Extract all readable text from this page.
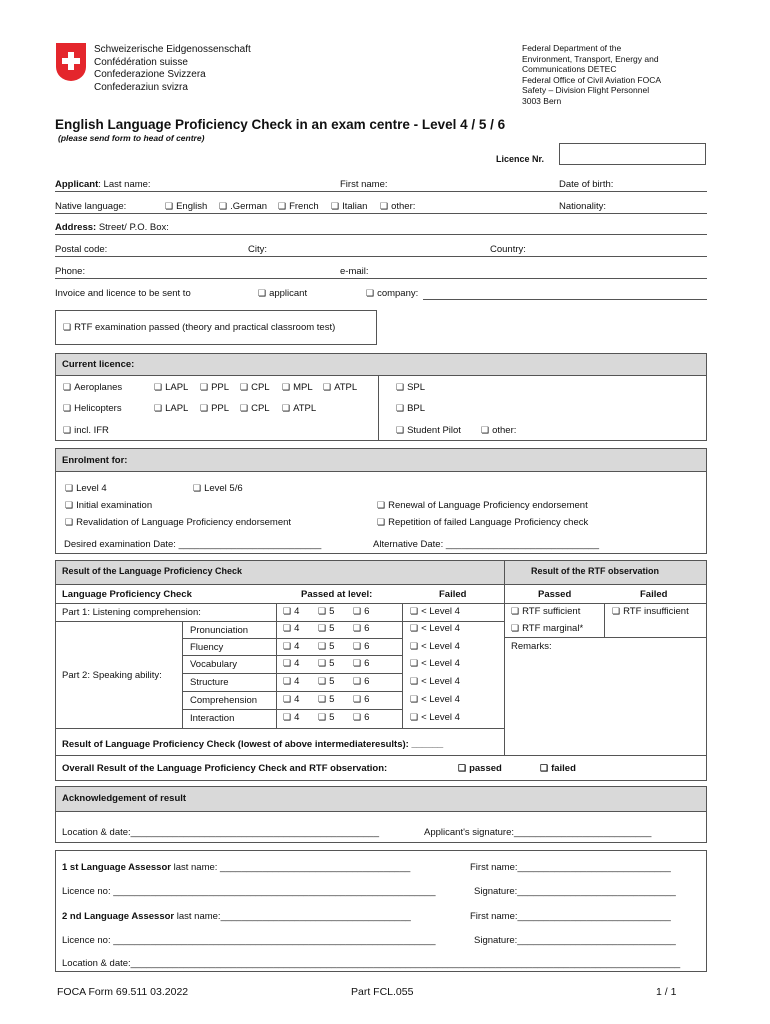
Schweizerische Eidgenossenschaft
Confédération suisse
Confederazione Svizzera
Confederaziun svizra
Federal Department of the
Environment, Transport, Energy and
Communications DETEC
Federal Office of Civil Aviation FOCA
Safety – Division Flight Personnel
3003 Bern
English Language Proficiency Check in an exam centre - Level 4 / 5 / 6
(please send form to head of centre)
Licence Nr.
Applicant: Last name:	First name:	Date of birth:
Native language:	❏ English	❏ .German	❏ French	❏ Italian	❏ other:	Nationality:
Address: Street/ P.O. Box:
Postal code:	City:	Country:
Phone:	e-mail:
Invoice and licence to be sent to	❏ applicant	❏ company:
❏ RTF examination passed (theory and practical classroom test)
Current licence:
❏ Aeroplanes	❏ LAPL	❏ PPL	❏ CPL	❏ MPL	❏ ATPL	❏ SPL
❏ Helicopters	❏ LAPL	❏ PPL	❏ CPL	❏ ATPL	❏ BPL
❏ incl. IFR	❏ Student Pilot	❏ other:
Enrolment for:
❏ Level 4	❏ Level 5/6
❏ Initial examination	❏ Renewal of Language Proficiency endorsement
❏ Revalidation of Language Proficiency endorsement	❏ Repetition of failed Language Proficiency check
Desired examination Date: ___________________________	Alternative Date: _____________________________
Result of the Language Proficiency Check	Result of the RTF observation
Language Proficiency Check	Passed at level:	Failed	Passed	Failed
Part 1: Listening comprehension:	❏ 4	❏ 5	❏ 6	❏ < Level 4	❏ RTF sufficient	❏ RTF insufficient
❏ RTF marginal*
Remarks:
Part 2: Speaking ability:
Pronunciation	❏ 4	❏ 5	❏ 6	❏ < Level 4
Fluency	❏ 4	❏ 5	❏ 6	❏ < Level 4
Vocabulary	❏ 4	❏ 5	❏ 6	❏ < Level 4
Structure	❏ 4	❏ 5	❏ 6	❏ < Level 4
Comprehension	❏ 4	❏ 5	❏ 6	❏ < Level 4
Interaction	❏ 4	❏ 5	❏ 6	❏ < Level 4
Result of Language Proficiency Check (lowest of above intermediateresults): ______
Overall Result of the Language Proficiency Check and RTF observation:	❏ passed	❏ failed
Acknowledgement of result
Location & date:_______________________________________________	Applicant's signature:__________________________
1 st Language Assessor last name: ____________________________________	First name:_____________________________
Licence no: _____________________________________________________________	Signature:______________________________
2 nd Language Assessor last name:____________________________________	First name:_____________________________
Licence no: _____________________________________________________________	Signature:______________________________
Location & date:________________________________________________________________________________________________________
FOCA Form 69.511 03.2022	Part FCL.055	1 / 1
